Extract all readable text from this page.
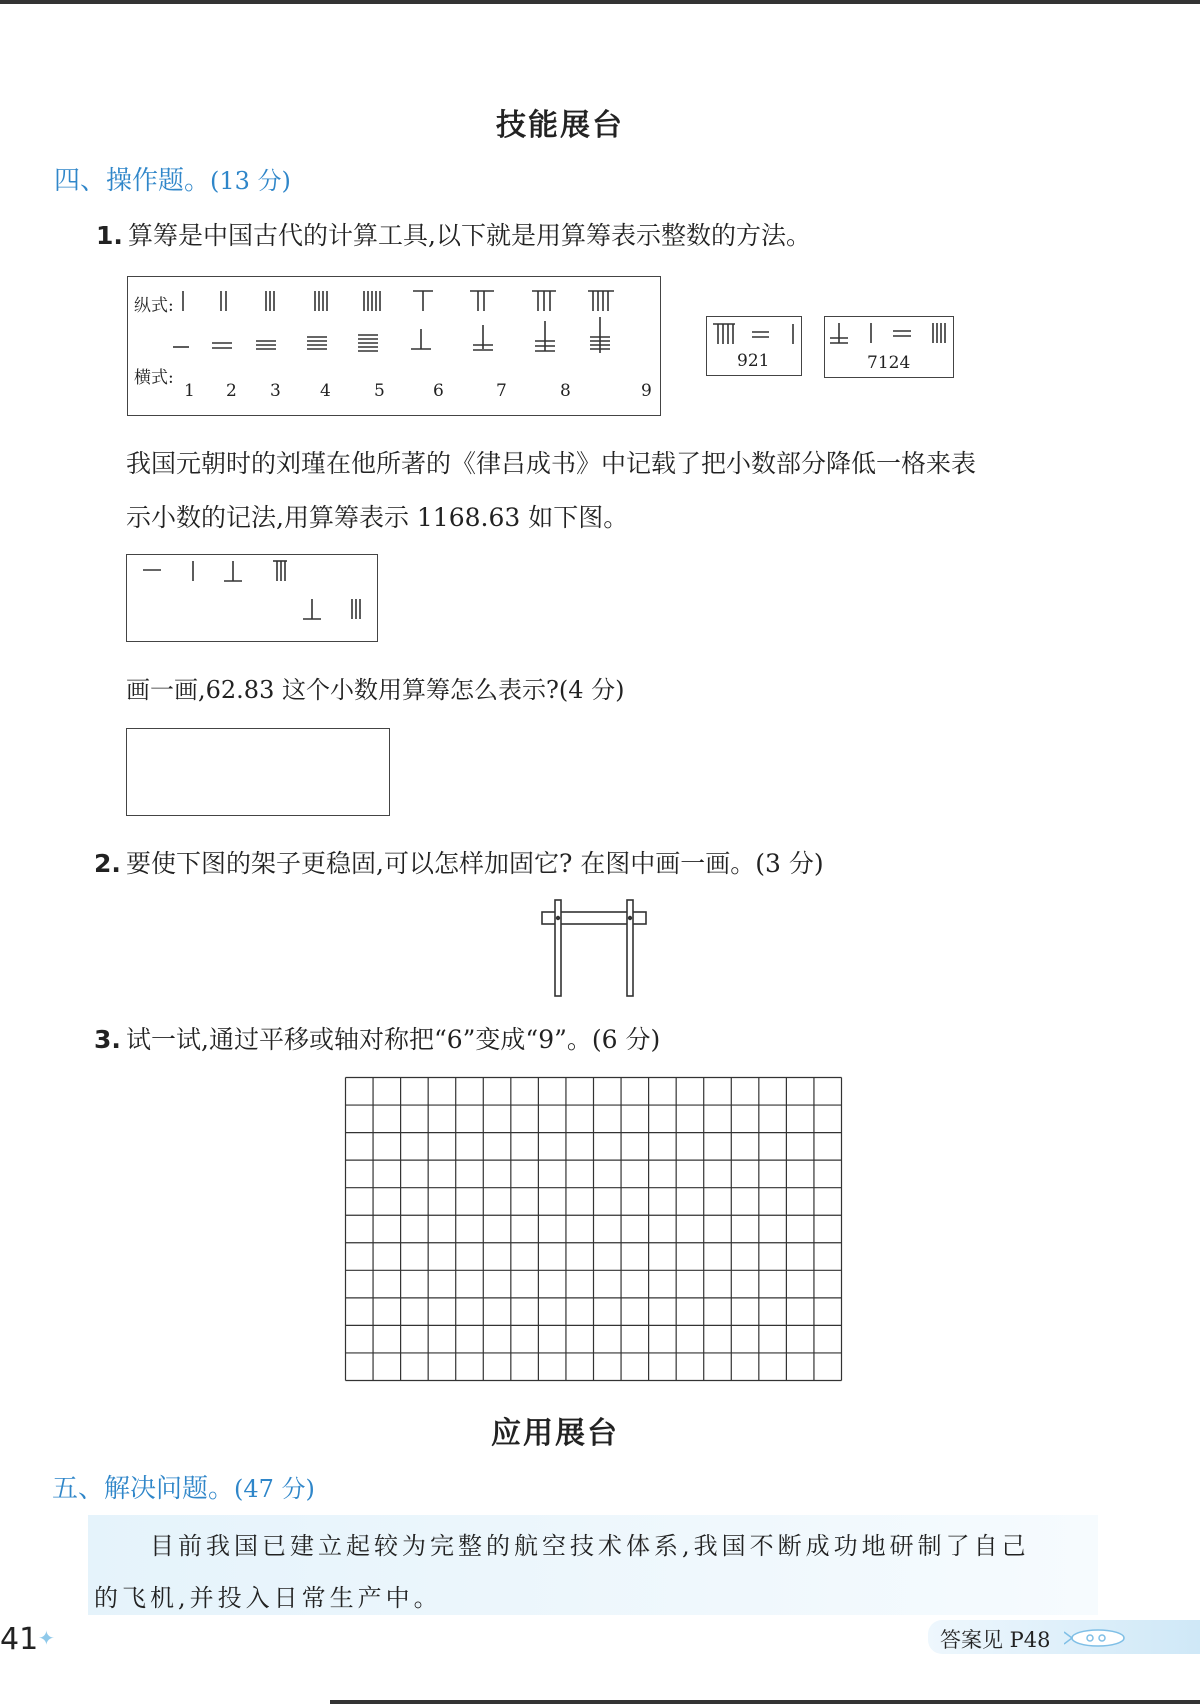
技能展台
四、操作题。(13 分)
1. 算筹是中国古代的计算工具,以下就是用算筹表示整数的方法。
纵式:
横式:
1 2 3 4	5	6	7	8	9
921	7124
我国元朝时的刘瑾在他所著的《律吕成书》中记载了把小数部分降低一格来表
示小数的记法,用算筹表示 1168.63 如下图。
画一画,62.83 这个小数用算筹怎么表示?(4 分)
2. 要使下图的架子更稳固,可以怎样加固它? 在图中画一画。(3 分)
3. 试一试,通过平移或轴对称把“6”变成“9”。(6 分)
应用展台
五、解决问题。(47 分)
目前我国已建立起较为完整的航空技术体系,我国不断成功地研制了自己
的飞机,并投入日常生产中。
41 ✦	答案见 P48
